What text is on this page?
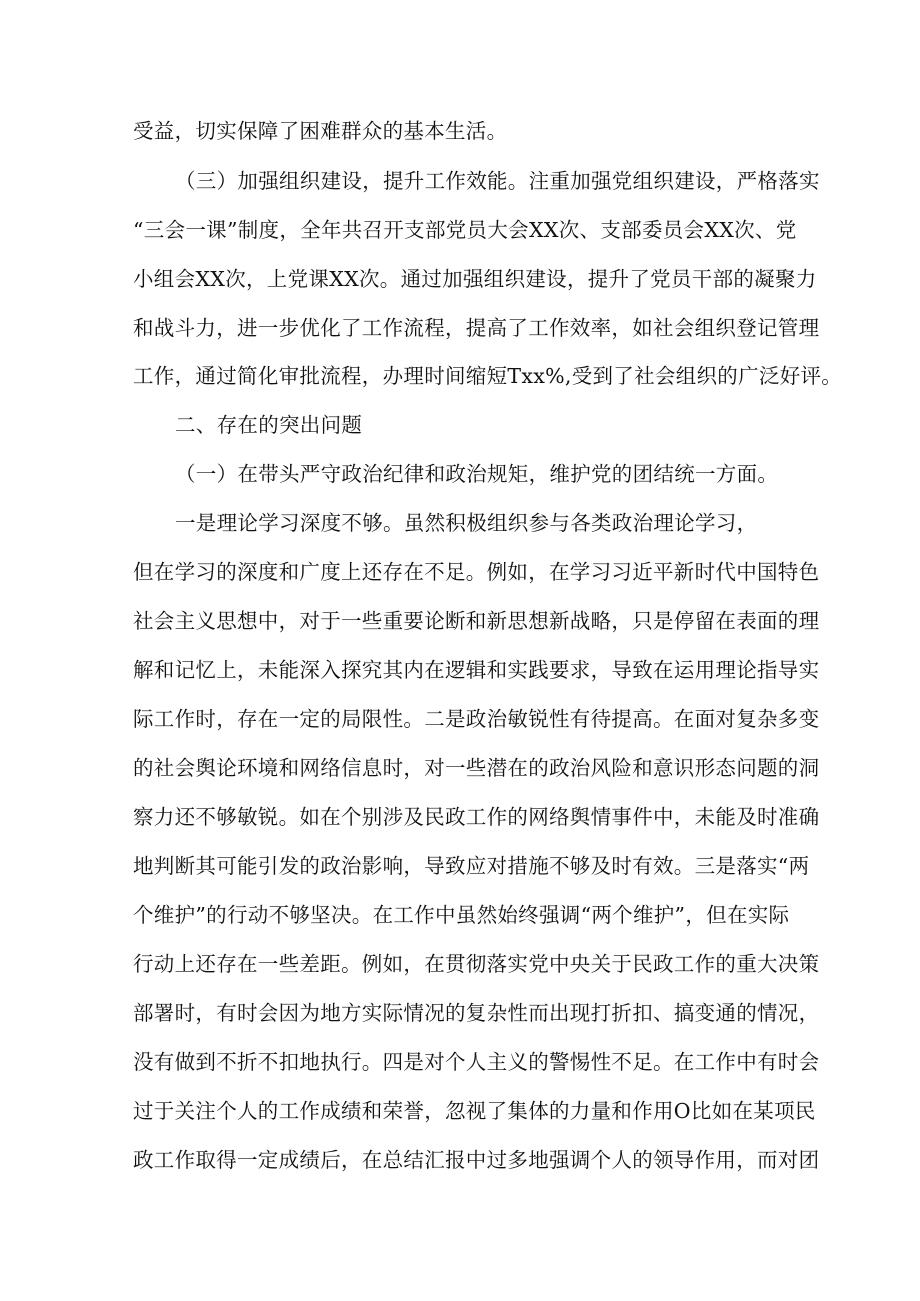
受益，切实保障了困难群众的基本生活。
（三）加强组织建设，提升工作效能。注重加强党组织建设，严格落实
“三会一课”制度，全年共召开支部党员大会XX次、支部委员会XX次、党
小组会XX次，上党课XX次。通过加强组织建设，提升了党员干部的凝聚力
和战斗力，进一步优化了工作流程，提高了工作效率，如社会组织登记管理
工作，通过简化审批流程，办理时间缩短Txx%,受到了社会组织的广泛好评。
二、存在的突出问题
（一）在带头严守政治纪律和政治规矩，维护党的团结统一方面。
一是理论学习深度不够。虽然积极组织参与各类政治理论学习，
但在学习的深度和广度上还存在不足。例如，在学习习近平新时代中国特色
社会主义思想中，对于一些重要论断和新思想新战略，只是停留在表面的理
解和记忆上，未能深入探究其内在逻辑和实践要求，导致在运用理论指导实
际工作时，存在一定的局限性。二是政治敏锐性有待提高。在面对复杂多变
的社会舆论环境和网络信息时，对一些潜在的政治风险和意识形态问题的洞
察力还不够敏锐。如在个别涉及民政工作的网络舆情事件中，未能及时准确
地判断其可能引发的政治影响，导致应对措施不够及时有效。三是落实“两
个维护”的行动不够坚决。在工作中虽然始终强调“两个维护”，但在实际
行动上还存在一些差距。例如，在贯彻落实党中央关于民政工作的重大决策
部署时，有时会因为地方实际情况的复杂性而出现打折扣、搞变通的情况，
没有做到不折不扣地执行。四是对个人主义的警惕性不足。在工作中有时会
过于关注个人的工作成绩和荣誉，忽视了集体的力量和作用O比如在某项民
政工作取得一定成绩后，在总结汇报中过多地强调个人的领导作用，而对团
